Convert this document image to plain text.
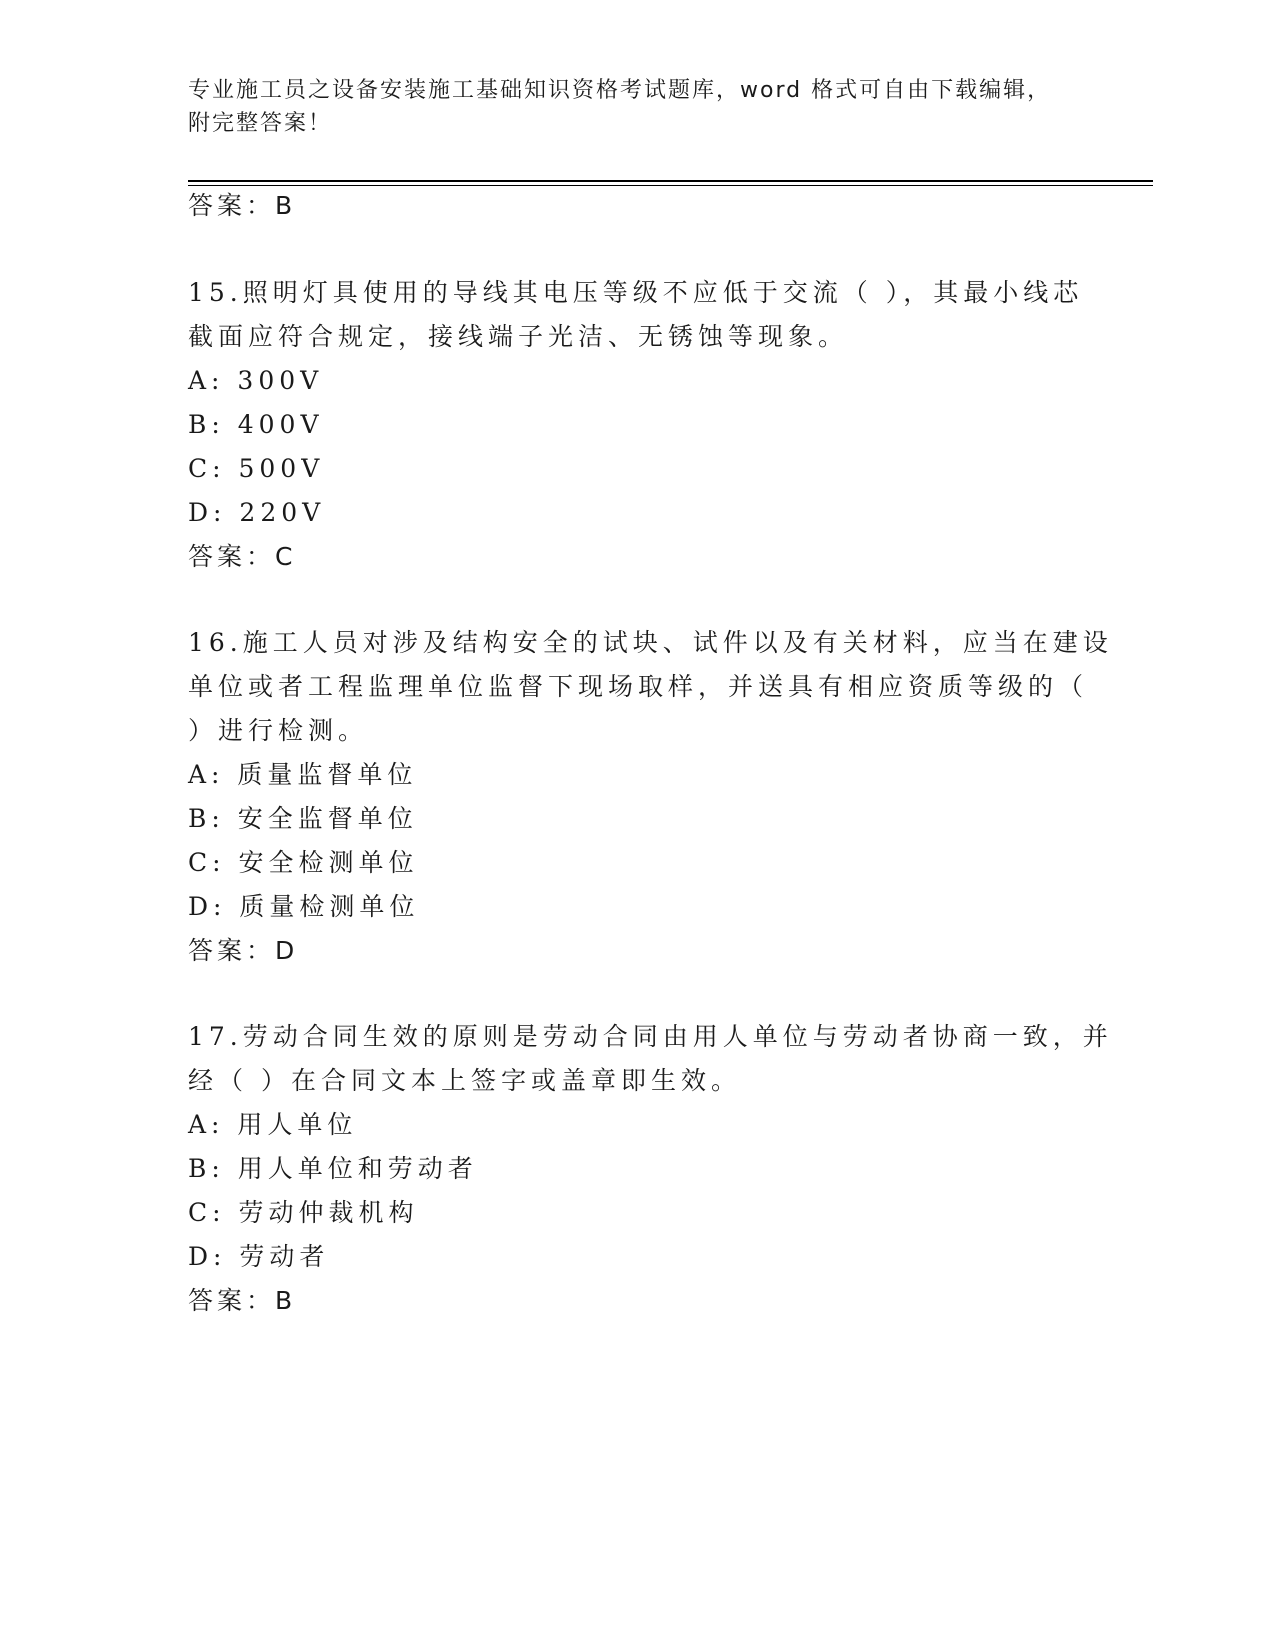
专业施工员之设备安装施工基础知识资格考试题库，word 格式可自由下载编辑，
附完整答案！
答案：B
15.照明灯具使用的导线其电压等级不应低于交流（ ），其最小线芯
截面应符合规定，接线端子光洁、无锈蚀等现象。
A: 300V
B: 400V
C: 500V
D: 220V
答案：C
16.施工人员对涉及结构安全的试块、试件以及有关材料，应当在建设
单位或者工程监理单位监督下现场取样，并送具有相应资质等级的（
）进行检测。
A: 质量监督单位
B: 安全监督单位
C: 安全检测单位
D: 质量检测单位
答案：D
17.劳动合同生效的原则是劳动合同由用人单位与劳动者协商一致，并
经（ ）在合同文本上签字或盖章即生效。
A: 用人单位
B: 用人单位和劳动者
C: 劳动仲裁机构
D: 劳动者
答案：B
